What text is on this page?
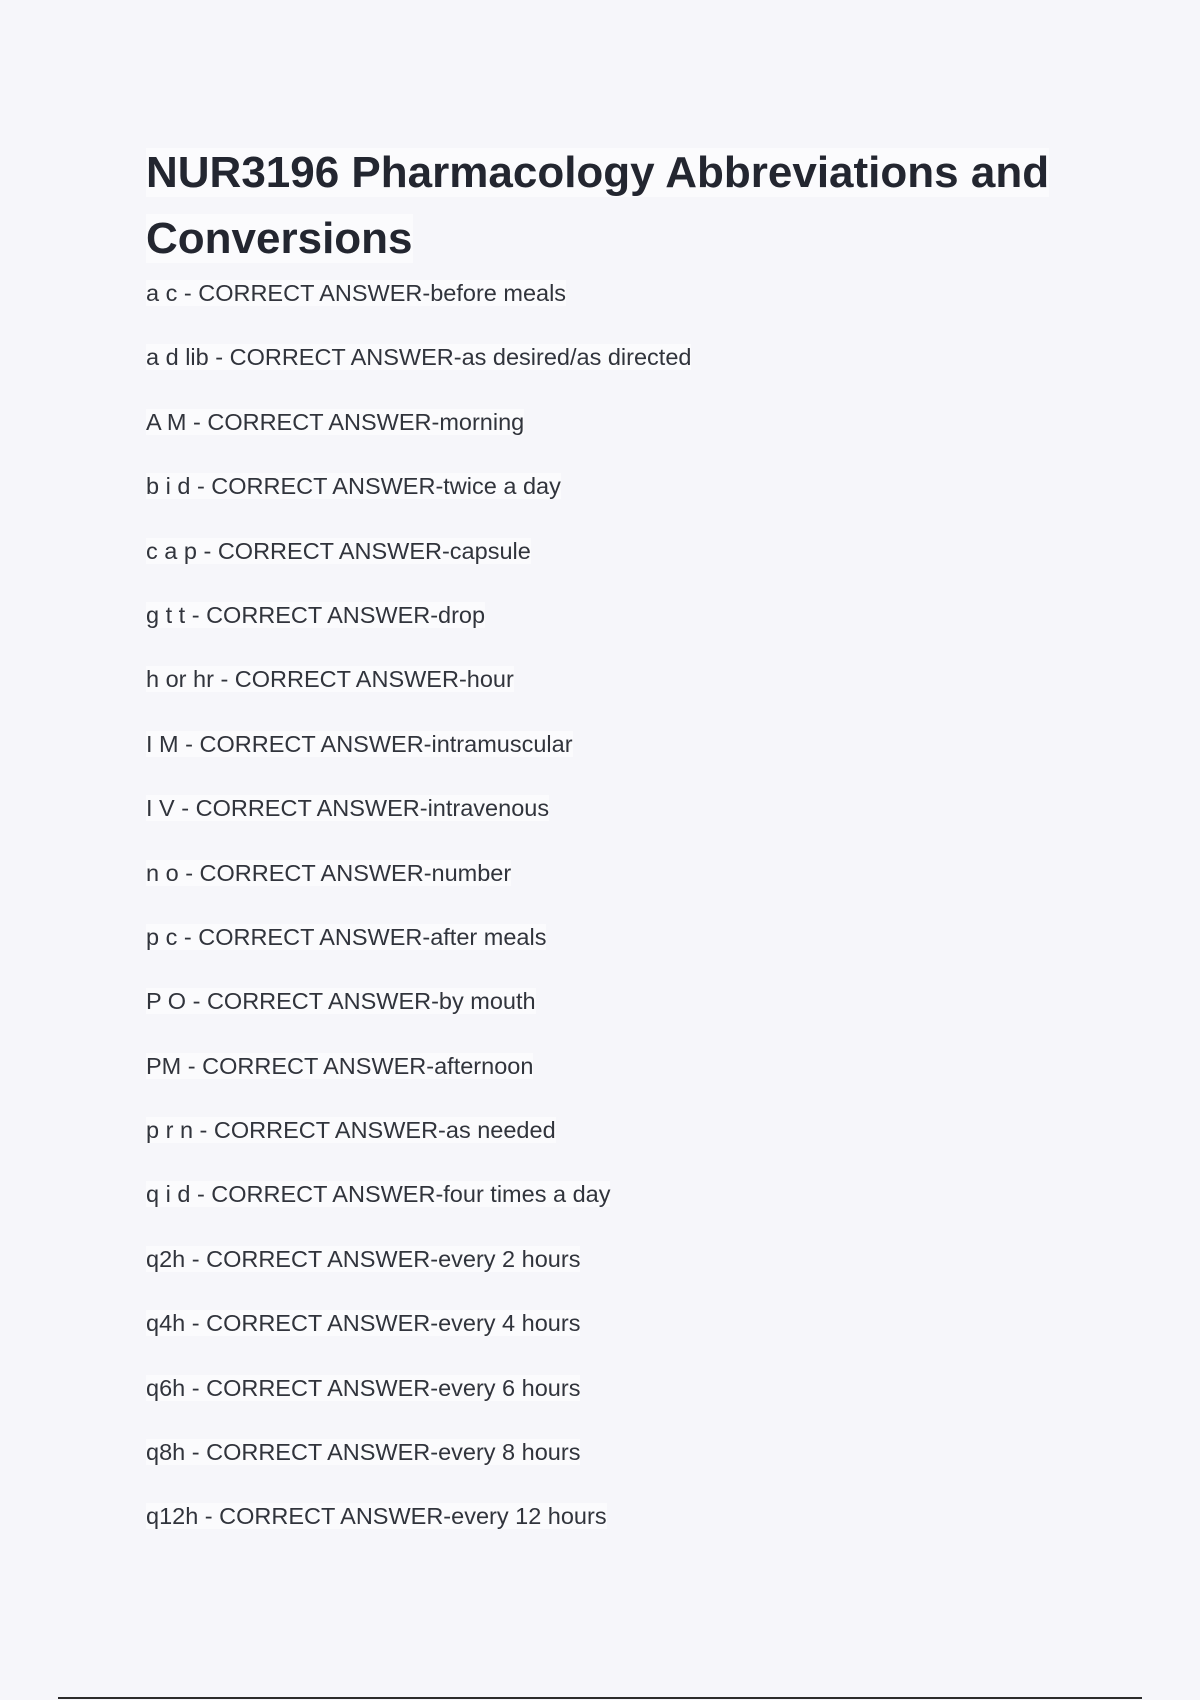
NUR3196 Pharmacology Abbreviations and Conversions
a c - CORRECT ANSWER-before meals
a d lib - CORRECT ANSWER-as desired/as directed
A M - CORRECT ANSWER-morning
b i d - CORRECT ANSWER-twice a day
c a p - CORRECT ANSWER-capsule
g t t - CORRECT ANSWER-drop
h or hr - CORRECT ANSWER-hour
I M - CORRECT ANSWER-intramuscular
I V - CORRECT ANSWER-intravenous
n o - CORRECT ANSWER-number
p c - CORRECT ANSWER-after meals
P O - CORRECT ANSWER-by mouth
PM - CORRECT ANSWER-afternoon
p r n - CORRECT ANSWER-as needed
q i d - CORRECT ANSWER-four times a day
q2h - CORRECT ANSWER-every 2 hours
q4h - CORRECT ANSWER-every 4 hours
q6h - CORRECT ANSWER-every 6 hours
q8h - CORRECT ANSWER-every 8 hours
q12h - CORRECT ANSWER-every 12 hours
